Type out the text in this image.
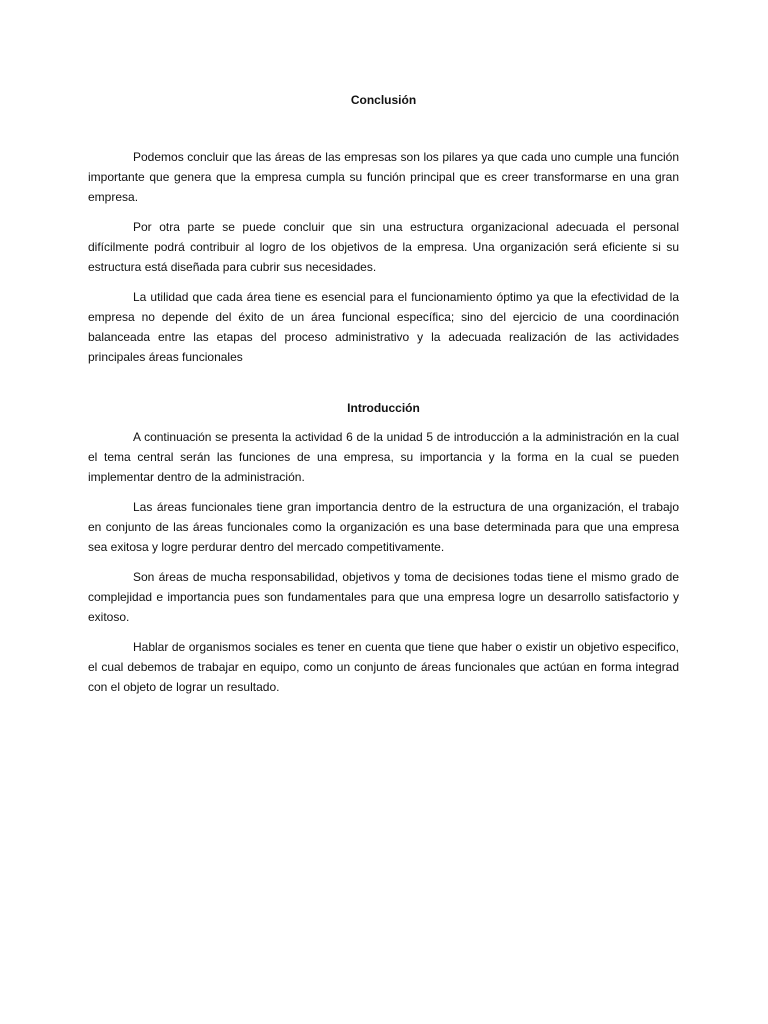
Conclusión

Podemos concluir que las áreas de las empresas son los pilares ya que cada uno cumple una función importante que genera que la empresa cumpla su función principal que es creer transformarse en una gran empresa.

Por otra parte se puede concluir que sin una estructura organizacional adecuada el personal difícilmente podrá contribuir al logro de los objetivos de la empresa. Una organización será eficiente si su estructura está diseñada para cubrir sus necesidades.

La utilidad que cada área tiene es esencial para el funcionamiento óptimo ya que la efectividad de la empresa no depende del éxito de un área funcional específica; sino del ejercicio de una coordinación balanceada entre las etapas del proceso administrativo y la adecuada realización de las actividades principales áreas funcionales

Introducción

A continuación se presenta la actividad 6 de la unidad 5 de introducción a la administración en la cual el tema central serán las funciones de una empresa, su importancia y la forma en la cual se pueden implementar dentro de la administración.

Las áreas funcionales tiene gran importancia dentro de la estructura de una organización, el trabajo en conjunto de las áreas funcionales como la organización es una base determinada para que una empresa sea exitosa y logre perdurar dentro del mercado competitivamente.

Son áreas de mucha responsabilidad, objetivos y toma de decisiones todas tiene el mismo grado de complejidad e importancia pues son fundamentales para que una empresa logre un desarrollo satisfactorio y exitoso.

Hablar de organismos sociales es tener en cuenta que tiene que haber o existir un objetivo especifico, el cual debemos de trabajar en equipo, como un conjunto de áreas funcionales que actúan en forma integrad con el objeto de lograr un resultado.
